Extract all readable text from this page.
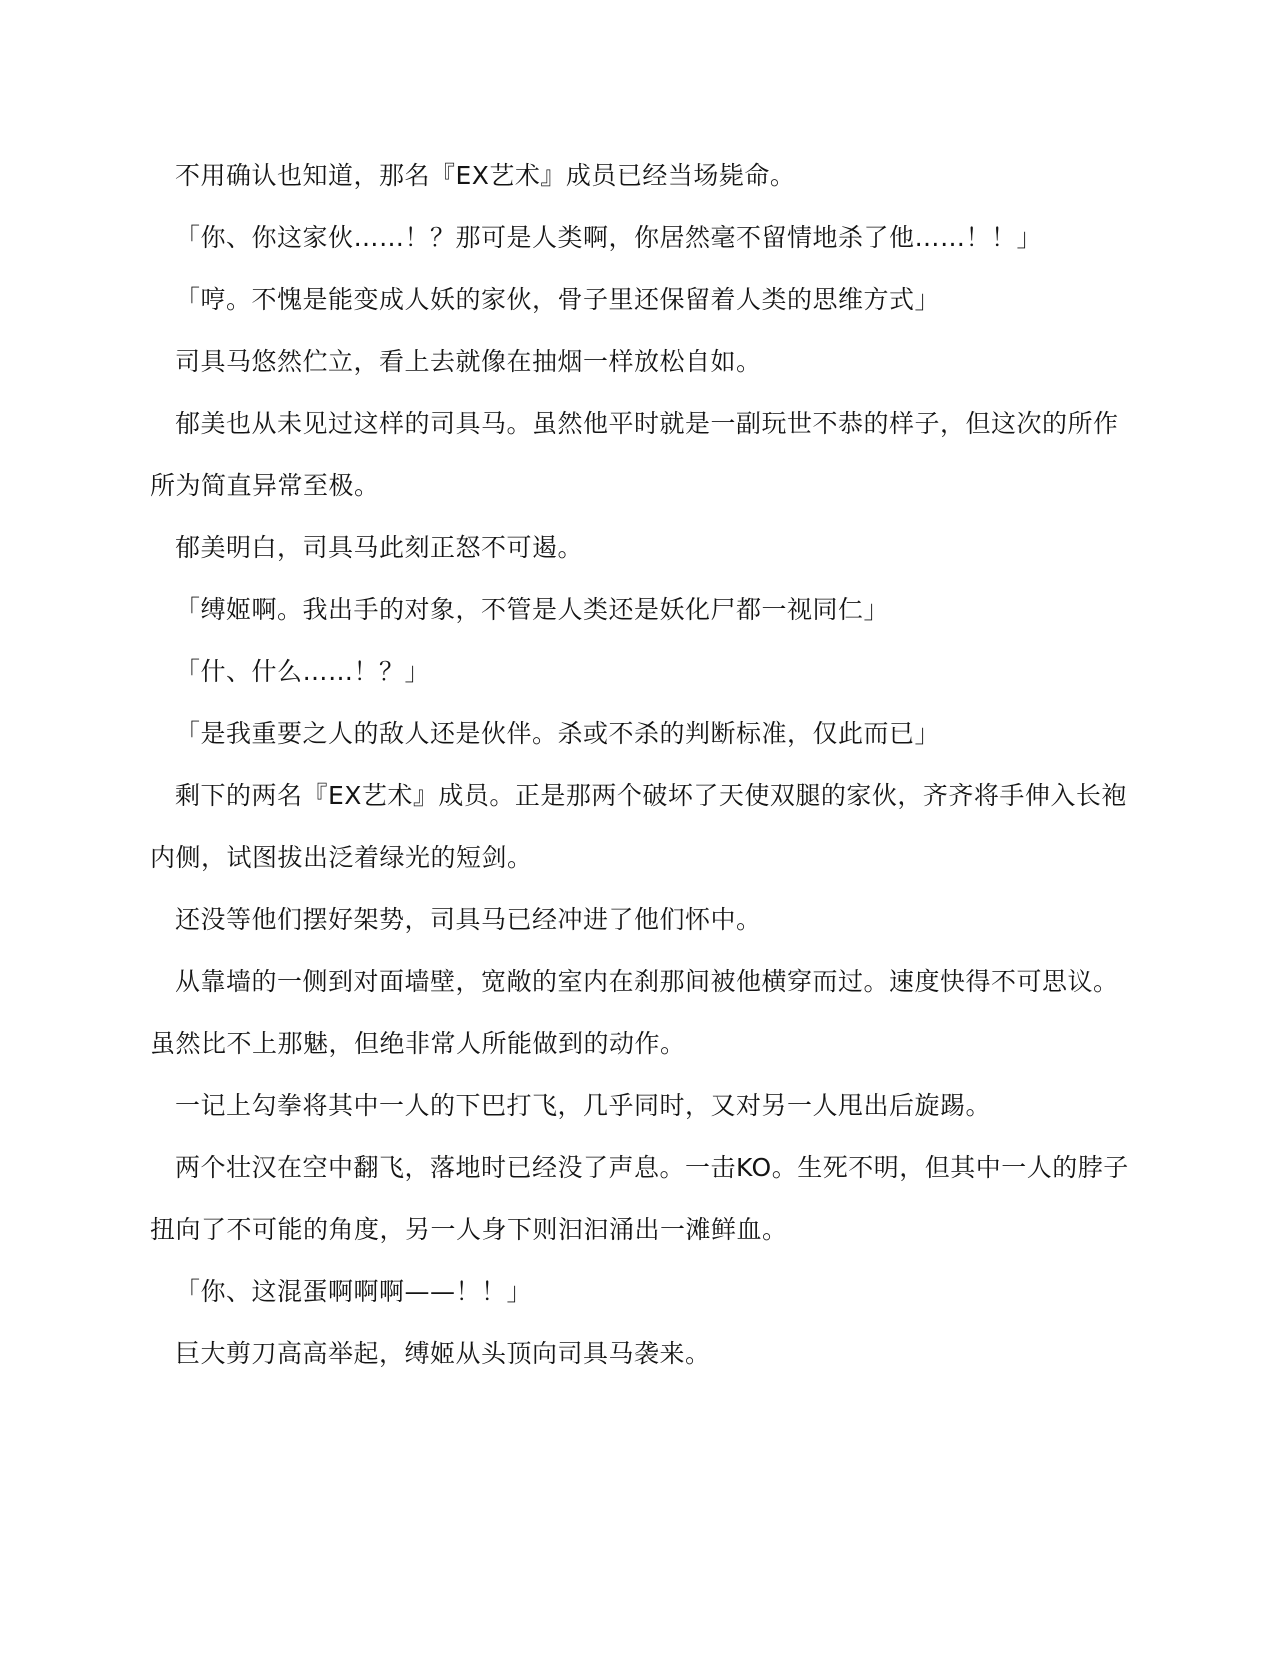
不用确认也知道，那名『EX艺术』成员已经当场毙命。

「你、你这家伙……！？那可是人类啊，你居然毫不留情地杀了他……！！」

「哼。不愧是能变成人妖的家伙，骨子里还保留着人类的思维方式」

司具马悠然伫立，看上去就像在抽烟一样放松自如。

郁美也从未见过这样的司具马。虽然他平时就是一副玩世不恭的样子，但这次的所作所为简直异常至极。

郁美明白，司具马此刻正怒不可遏。

「缚姬啊。我出手的对象，不管是人类还是妖化尸都一视同仁」

「什、什么……！？」

「是我重要之人的敌人还是伙伴。杀或不杀的判断标准，仅此而已」

剩下的两名『EX艺术』成员。正是那两个破坏了天使双腿的家伙，齐齐将手伸入长袍内侧，试图拔出泛着绿光的短剑。

还没等他们摆好架势，司具马已经冲进了他们怀中。

从靠墙的一侧到对面墙壁，宽敞的室内在刹那间被他横穿而过。速度快得不可思议。虽然比不上那魅，但绝非常人所能做到的动作。

一记上勾拳将其中一人的下巴打飞，几乎同时，又对另一人甩出后旋踢。

两个壮汉在空中翻飞，落地时已经没了声息。一击KO。生死不明，但其中一人的脖子扭向了不可能的角度，另一人身下则汩汩涌出一滩鲜血。

「你、这混蛋啊啊啊——！！」

巨大剪刀高高举起，缚姬从头顶向司具马袭来。
